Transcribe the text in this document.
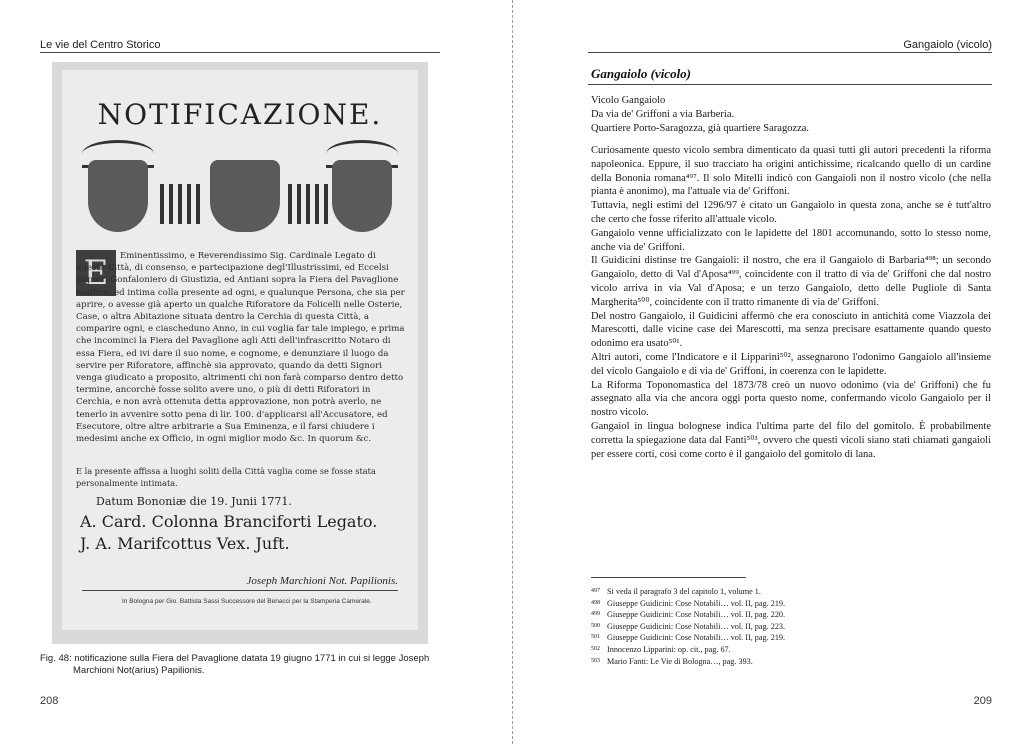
Le vie del Centro Storico
NOTIFICAZIONE.
E	Eminentissimo, e Reverendissimo Sig. Cardinale Legato di questa Città, di consenso, e partecipazione degl'Illustrissimi, ed Eccelsi Signori Gonfaloniero di Giustizia, ed Antiani sopra la Fiera del Pavaglione notifica, ed intima colla presente ad ogni, e qualunque Persona, che sia per aprire, o avesse già aperto un qualche Riforatore da Folicelli nelle Osterie, Case, o altra Abitazione situata dentro la Cerchia di questa Città, a comparire ogni, e ciascheduno Anno, in cui voglia far tale impiego, e prima che incominci la Fiera del Pavaglione agli Atti dell'infrascritto Notaro di essa Fiera, ed ivi dare il suo nome, e cognome, e denunziare il luogo da servire per Riforatore, affinchè sia approvato, quando da detti Signori venga giudicato a proposito, altrimenti chi non farà comparso dentro detto termine, ancorchè fosse solito avere uno, o più di detti Riforatori in Cerchia, e non avrà ottenuta detta approvazione, non potrà averlo, ne tenerlo in avvenire sotto pena di lir. 100. d'applicarsi all'Accusatore, ed Esecutore, oltre altre arbitrarie a Sua Eminenza, e il farsi chiudere i medesimi anche ex Officio, in ogni miglior modo &c. In quorum &c.
E la presente affissa a luoghi soliti della Città vaglia come se fosse stata personalmente intimata.
Datum Bononiæ die 19. Junii 1771.
A. Card. Colonna Branciforti Legato.
J. A. Marifcottus Vex. Juft.
Joseph Marchioni Not. Papilionis.
In Bologna per Gio. Battista Sassi Successore del Benacci per la Stamperia Camerale.
Fig. 48: notificazione sulla Fiera del Pavaglione datata 19 giugno 1771 in cui si legge Joseph
Marchioni Not(arius) Papilionis.
208
Gangaiolo (vicolo)
Gangaiolo (vicolo)
Vicolo Gangaiolo
Da via de' Griffoni a via Barberia.
Quartiere Porto-Saragozza, già quartiere Saragozza.

Curiosamente questo vicolo sembra dimenticato da quasi tutti gli autori precedenti la riforma napoleonica. Eppure, il suo tracciato ha origini antichissime, ricalcando quello di un cardine della Bononia romana⁴⁹⁷. Il solo Mitelli indicò con Gangaioli non il nostro vicolo (che nella pianta è anonimo), ma l'attuale via de' Griffoni.

Tuttavia, negli estimi del 1296/97 è citato un Gangaiolo in questa zona, anche se è tutt'altro che certo che fosse riferito all'attuale vicolo.

Gangaiolo venne ufficializzato con le lapidette del 1801 accomunando, sotto lo stesso nome, anche via de' Griffoni.

Il Guidicini distinse tre Gangaioli: il nostro, che era il Gangaiolo di Barbaria⁴⁹⁸; un secondo Gangaiolo, detto di Val d'Aposa⁴⁹⁹, coincidente con il tratto di via de' Griffoni che dal nostro vicolo arriva in via Val d'Aposa; e un terzo Gangaiolo, detto delle Pugliole di Santa Margherita⁵⁰⁰, coincidente con il tratto rimanente di via de' Griffoni.

Del nostro Gangaiolo, il Guidicini affermò che era conosciuto in antichità come Viazzola dei Marescotti, dalle vicine case dei Marescotti, ma senza precisare esattamente quando questo odonimo era usato⁵⁰¹.

Altri autori, come l'Indicatore e il Lipparini⁵⁰², assegnarono l'odonimo Gangaiolo all'insieme del vicolo Gangaiolo e di via de' Griffoni, in coerenza con le lapidette.

La Riforma Toponomastica del 1873/78 creò un nuovo odonimo (via de' Griffoni) che fu assegnato alla via che ancora oggi porta questo nome, confermando vicolo Gangaiolo per il nostro vicolo.

Gangaiol in lingua bolognese indica l'ultima parte del filo del gomitolo. È probabilmente corretta la spiegazione data dal Fanti⁵⁰³, ovvero che questi vicoli siano stati chiamati gangaioli per essere corti, così come corto è il gangaiolo del gomitolo di lana.

497 Si veda il paragrafo 3 del capitolo 1, volume 1.
498 Giuseppe Guidicini: Cose Notabili… vol. II, pag. 219.
499 Giuseppe Guidicini: Cose Notabili… vol. II, pag. 220.
500 Giuseppe Guidicini: Cose Notabili… vol. II, pag. 223.
501 Giuseppe Guidicini: Cose Notabili… vol. II, pag. 219.
502 Innocenzo Lipparini: op. cit., pag. 67.
503 Mario Fanti: Le Vie di Bologna…, pag. 393.
209
